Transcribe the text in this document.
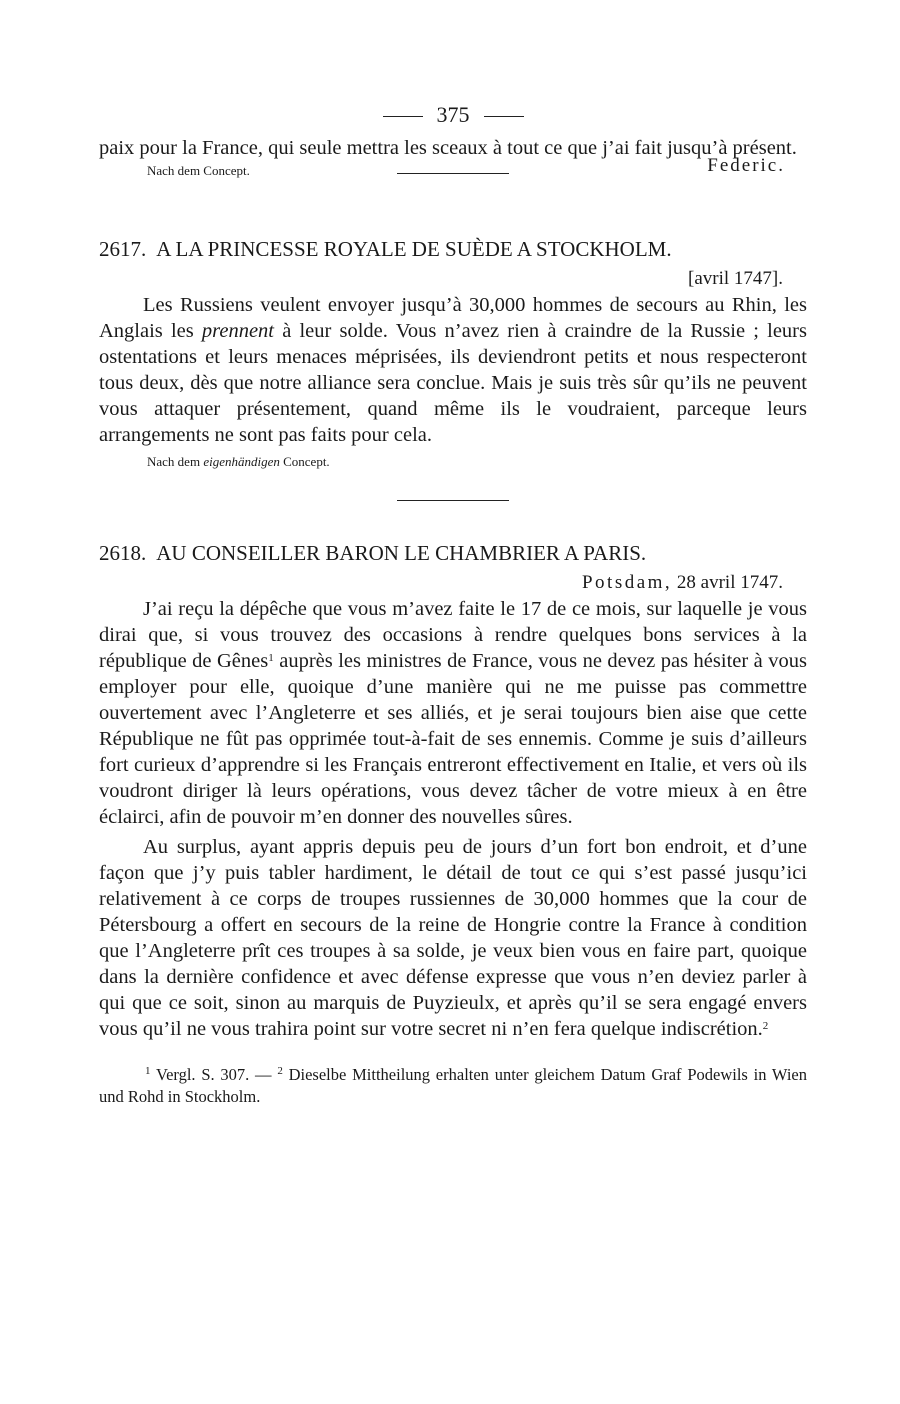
375

paix pour la France, qui seule mettra les sceaux à tout ce que j’ai fait jusqu’à présent.

Nach dem Concept.	Federic.
2617. A LA PRINCESSE ROYALE DE SUÈDE A STOCKHOLM.
[avril 1747].

Les Russiens veulent envoyer jusqu’à 30,000 hommes de secours au Rhin, les Anglais les prennent à leur solde. Vous n’avez rien à craindre de la Russie ; leurs ostentations et leurs menaces méprisées, ils deviendront petits et nous respecteront tous deux, dès que notre alliance sera conclue. Mais je suis très sûr qu’ils ne peuvent vous attaquer présentement, quand même ils le voudraient, parceque leurs arrangements ne sont pas faits pour cela.

Nach dem eigenhändigen Concept.
2618. AU CONSEILLER BARON LE CHAMBRIER A PARIS.
Potsdam, 28 avril 1747.

J’ai reçu la dépêche que vous m’avez faite le 17 de ce mois, sur laquelle je vous dirai que, si vous trouvez des occasions à rendre quelques bons services à la république de Gênes$^1$ auprès les ministres de France, vous ne devez pas hésiter à vous employer pour elle, quoique d’une manière qui ne me puisse pas commettre ouvertement avec l’Angleterre et ses alliés, et je serai toujours bien aise que cette République ne fût pas opprimée tout-à-fait de ses ennemis. Comme je suis d’ailleurs fort curieux d’apprendre si les Français entreront effectivement en Italie, et vers où ils voudront diriger là leurs opérations, vous devez tâcher de votre mieux à en être éclairci, afin de pouvoir m’en donner des nouvelles sûres.

Au surplus, ayant appris depuis peu de jours d’un fort bon endroit, et d’une façon que j’y puis tabler hardiment, le détail de tout ce qui s’est passé jusqu’ici relativement à ce corps de troupes russiennes de 30,000 hommes que la cour de Pétersbourg a offert en secours de la reine de Hongrie contre la France à condition que l’Angleterre prît ces troupes à sa solde, je veux bien vous en faire part, quoique dans la dernière confidence et avec défense expresse que vous n’en deviez parler à qui que ce soit, sinon au marquis de Puyzieulx, et après qu’il se sera engagé envers vous qu’il ne vous trahira point sur votre secret ni n’en fera quelque indiscrétion.$^2$

$^1$ Vergl. S. 307. — $^2$ Dieselbe Mittheilung erhalten unter gleichem Datum Graf Podewils in Wien und Rohd in Stockholm.
